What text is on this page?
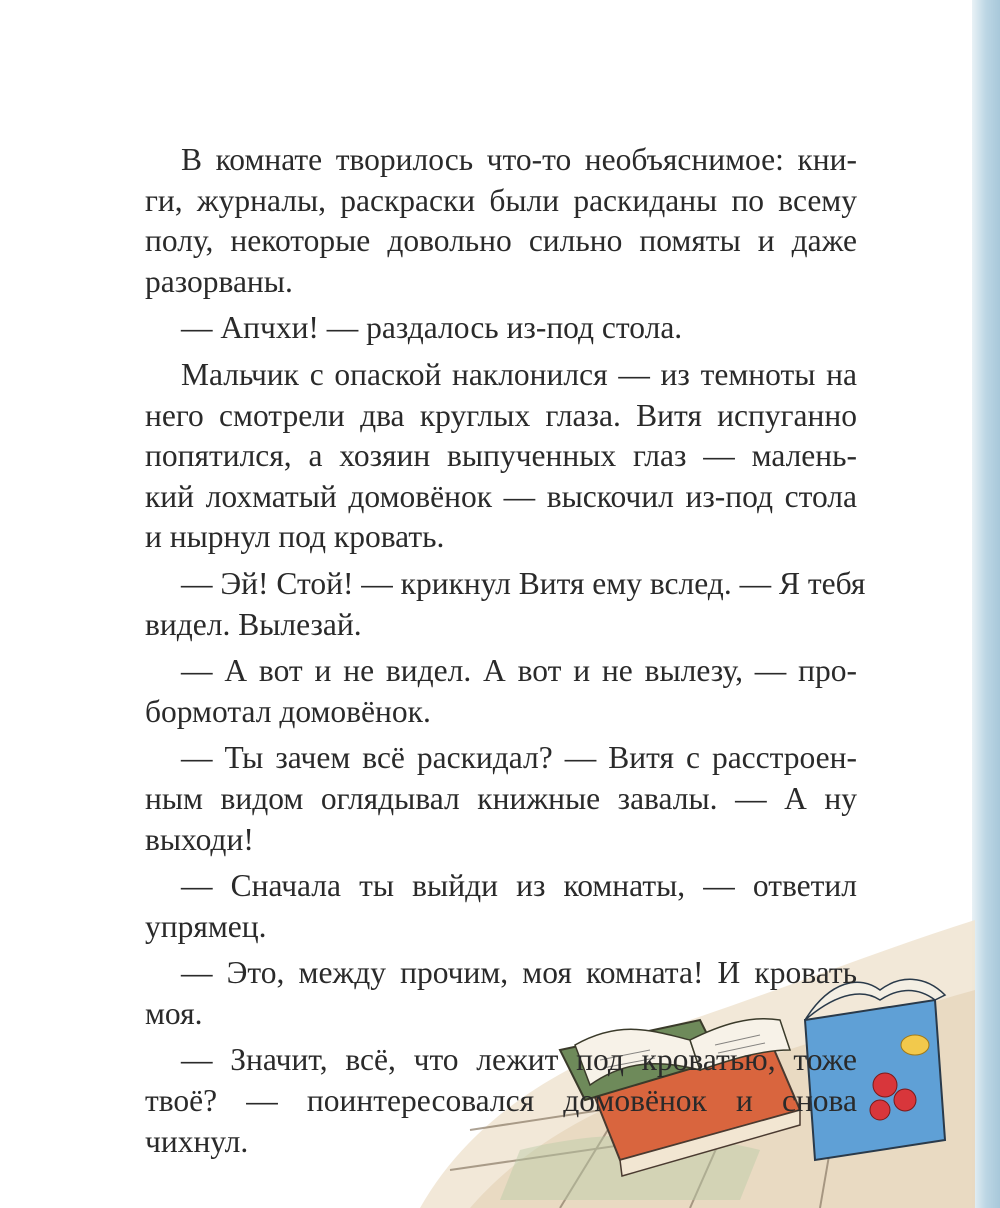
В комнате творилось что-то необъяснимое: кни-
ги, журналы, раскраски были раскиданы по всему
полу, некоторые довольно сильно помяты и даже
разорваны.
— Апчхи! — раздалось из-под стола.
Мальчик с опаской наклонился — из темноты на
него смотрели два круглых глаза. Витя испуганно
попятился, а хозяин выпученных глаз — малень-
кий лохматый домовёнок — выскочил из-под стола
и нырнул под кровать.
— Эй! Стой! — крикнул Витя ему вслед. — Я тебя
видел. Вылезай.
— А вот и не видел. А вот и не вылезу, — про-
бормотал домовёнок.
— Ты зачем всё раскидал? — Витя с расстроен-
ным видом оглядывал книжные завалы. — А ну
выходи!
— Сначала ты выйди из комнаты, — ответил
упрямец.
— Это, между прочим, моя комната! И кровать
моя.
— Значит, всё, что лежит под кроватью, тоже
твоё? — поинтересовался домовёнок и снова
чихнул.
